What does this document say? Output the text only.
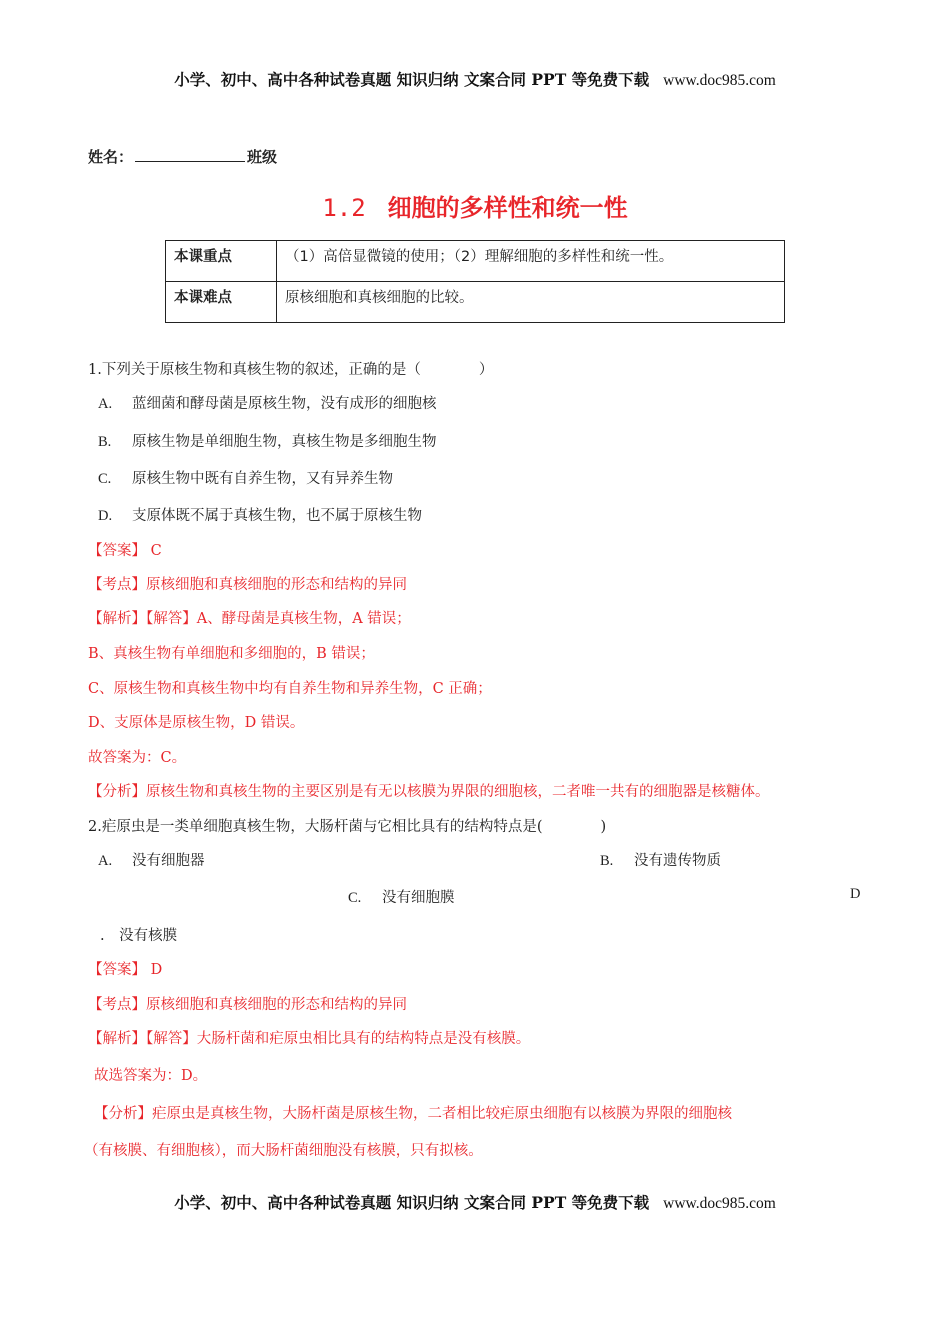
小学、初中、高中各种试卷真题 知识归纳 文案合同 PPT 等免费下载 www.doc985.com
姓名：	班级
1.2 细胞的多样性和统一性
本课重点	（1）高倍显微镜的使用；（2）理解细胞的多样性和统一性。
本课难点	原核细胞和真核细胞的比较。
1.下列关于原核生物和真核生物的叙述，正确的是（　　　　）
A. 蓝细菌和酵母菌是原核生物，没有成形的细胞核
B. 原核生物是单细胞生物，真核生物是多细胞生物
C. 原核生物中既有自养生物，又有异养生物
D. 支原体既不属于真核生物，也不属于原核生物
【答案】 C
【考点】原核细胞和真核细胞的形态和结构的异同
【解析】【解答】A、酵母菌是真核生物，A 错误；
B、真核生物有单细胞和多细胞的，B 错误；
C、原核生物和真核生物中均有自养生物和异养生物，C 正确；
D、支原体是原核生物，D 错误。
故答案为：C。
【分析】原核生物和真核生物的主要区别是有无以核膜为界限的细胞核，二者唯一共有的细胞器是核糖体。
2.疟原虫是一类单细胞真核生物，大肠杆菌与它相比具有的结构特点是(　　　　)
A. 没有细胞器	B. 没有遗传物质
C. 没有细胞膜	D
.　没有核膜
【答案】 D
【考点】原核细胞和真核细胞的形态和结构的异同
【解析】【解答】大肠杆菌和疟原虫相比具有的结构特点是没有核膜。
故选答案为：D。
【分析】疟原虫是真核生物，大肠杆菌是原核生物，二者相比较疟原虫细胞有以核膜为界限的细胞核
（有核膜、有细胞核），而大肠杆菌细胞没有核膜，只有拟核。
小学、初中、高中各种试卷真题 知识归纳 文案合同 PPT 等免费下载 www.doc985.com
